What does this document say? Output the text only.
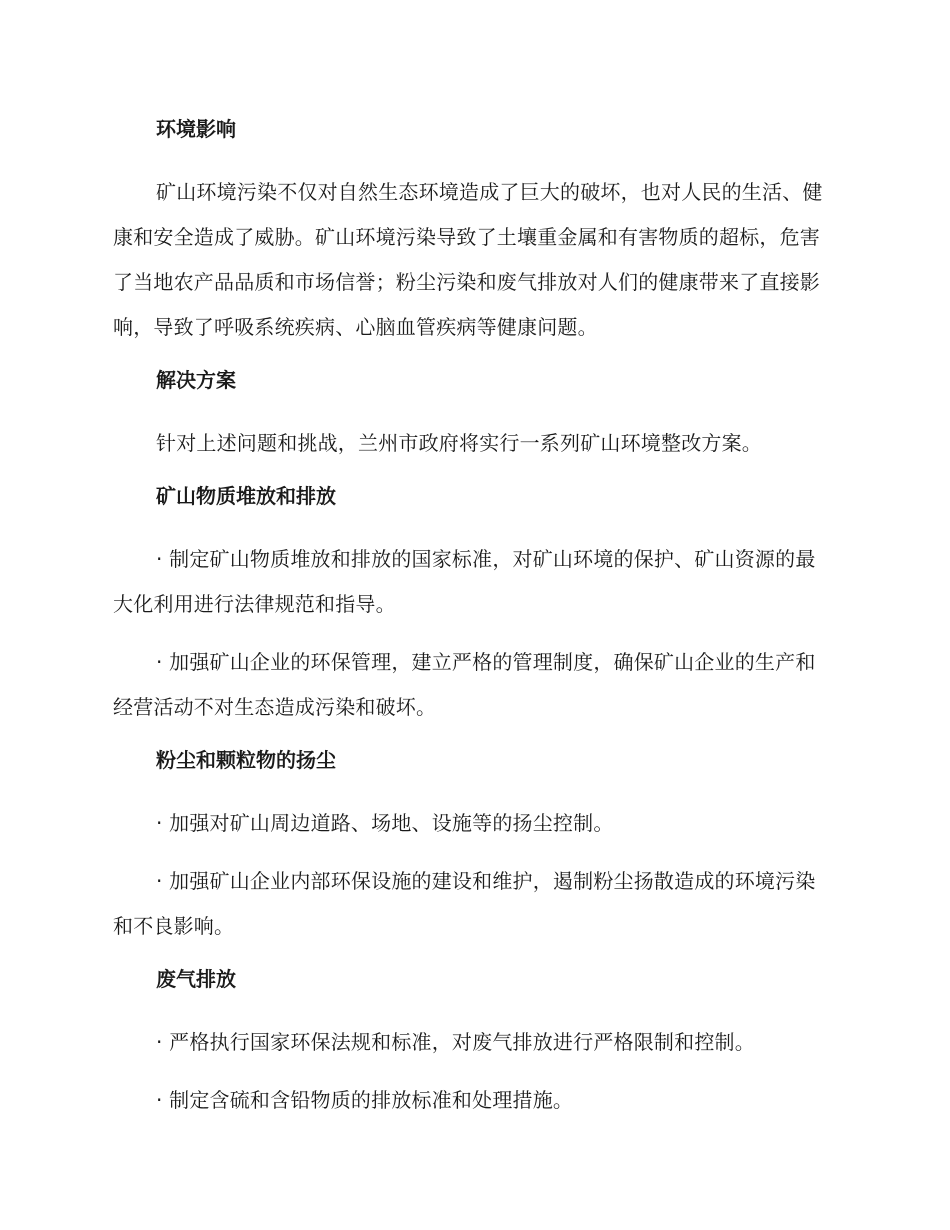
环境影响

矿山环境污染不仅对自然生态环境造成了巨大的破坏，也对人民的生活、健康和安全造成了威胁。矿山环境污染导致了土壤重金属和有害物质的超标，危害了当地农产品品质和市场信誉；粉尘污染和废气排放对人们的健康带来了直接影响，导致了呼吸系统疾病、心脑血管疾病等健康问题。

解决方案

针对上述问题和挑战，兰州市政府将实行一系列矿山环境整改方案。

矿山物质堆放和排放

· 制定矿山物质堆放和排放的国家标准，对矿山环境的保护、矿山资源的最大化利用进行法律规范和指导。

· 加强矿山企业的环保管理，建立严格的管理制度，确保矿山企业的生产和经营活动不对生态造成污染和破坏。

粉尘和颗粒物的扬尘

· 加强对矿山周边道路、场地、设施等的扬尘控制。

· 加强矿山企业内部环保设施的建设和维护，遏制粉尘扬散造成的环境污染和不良影响。

废气排放

· 严格执行国家环保法规和标准，对废气排放进行严格限制和控制。

· 制定含硫和含铅物质的排放标准和处理措施。
